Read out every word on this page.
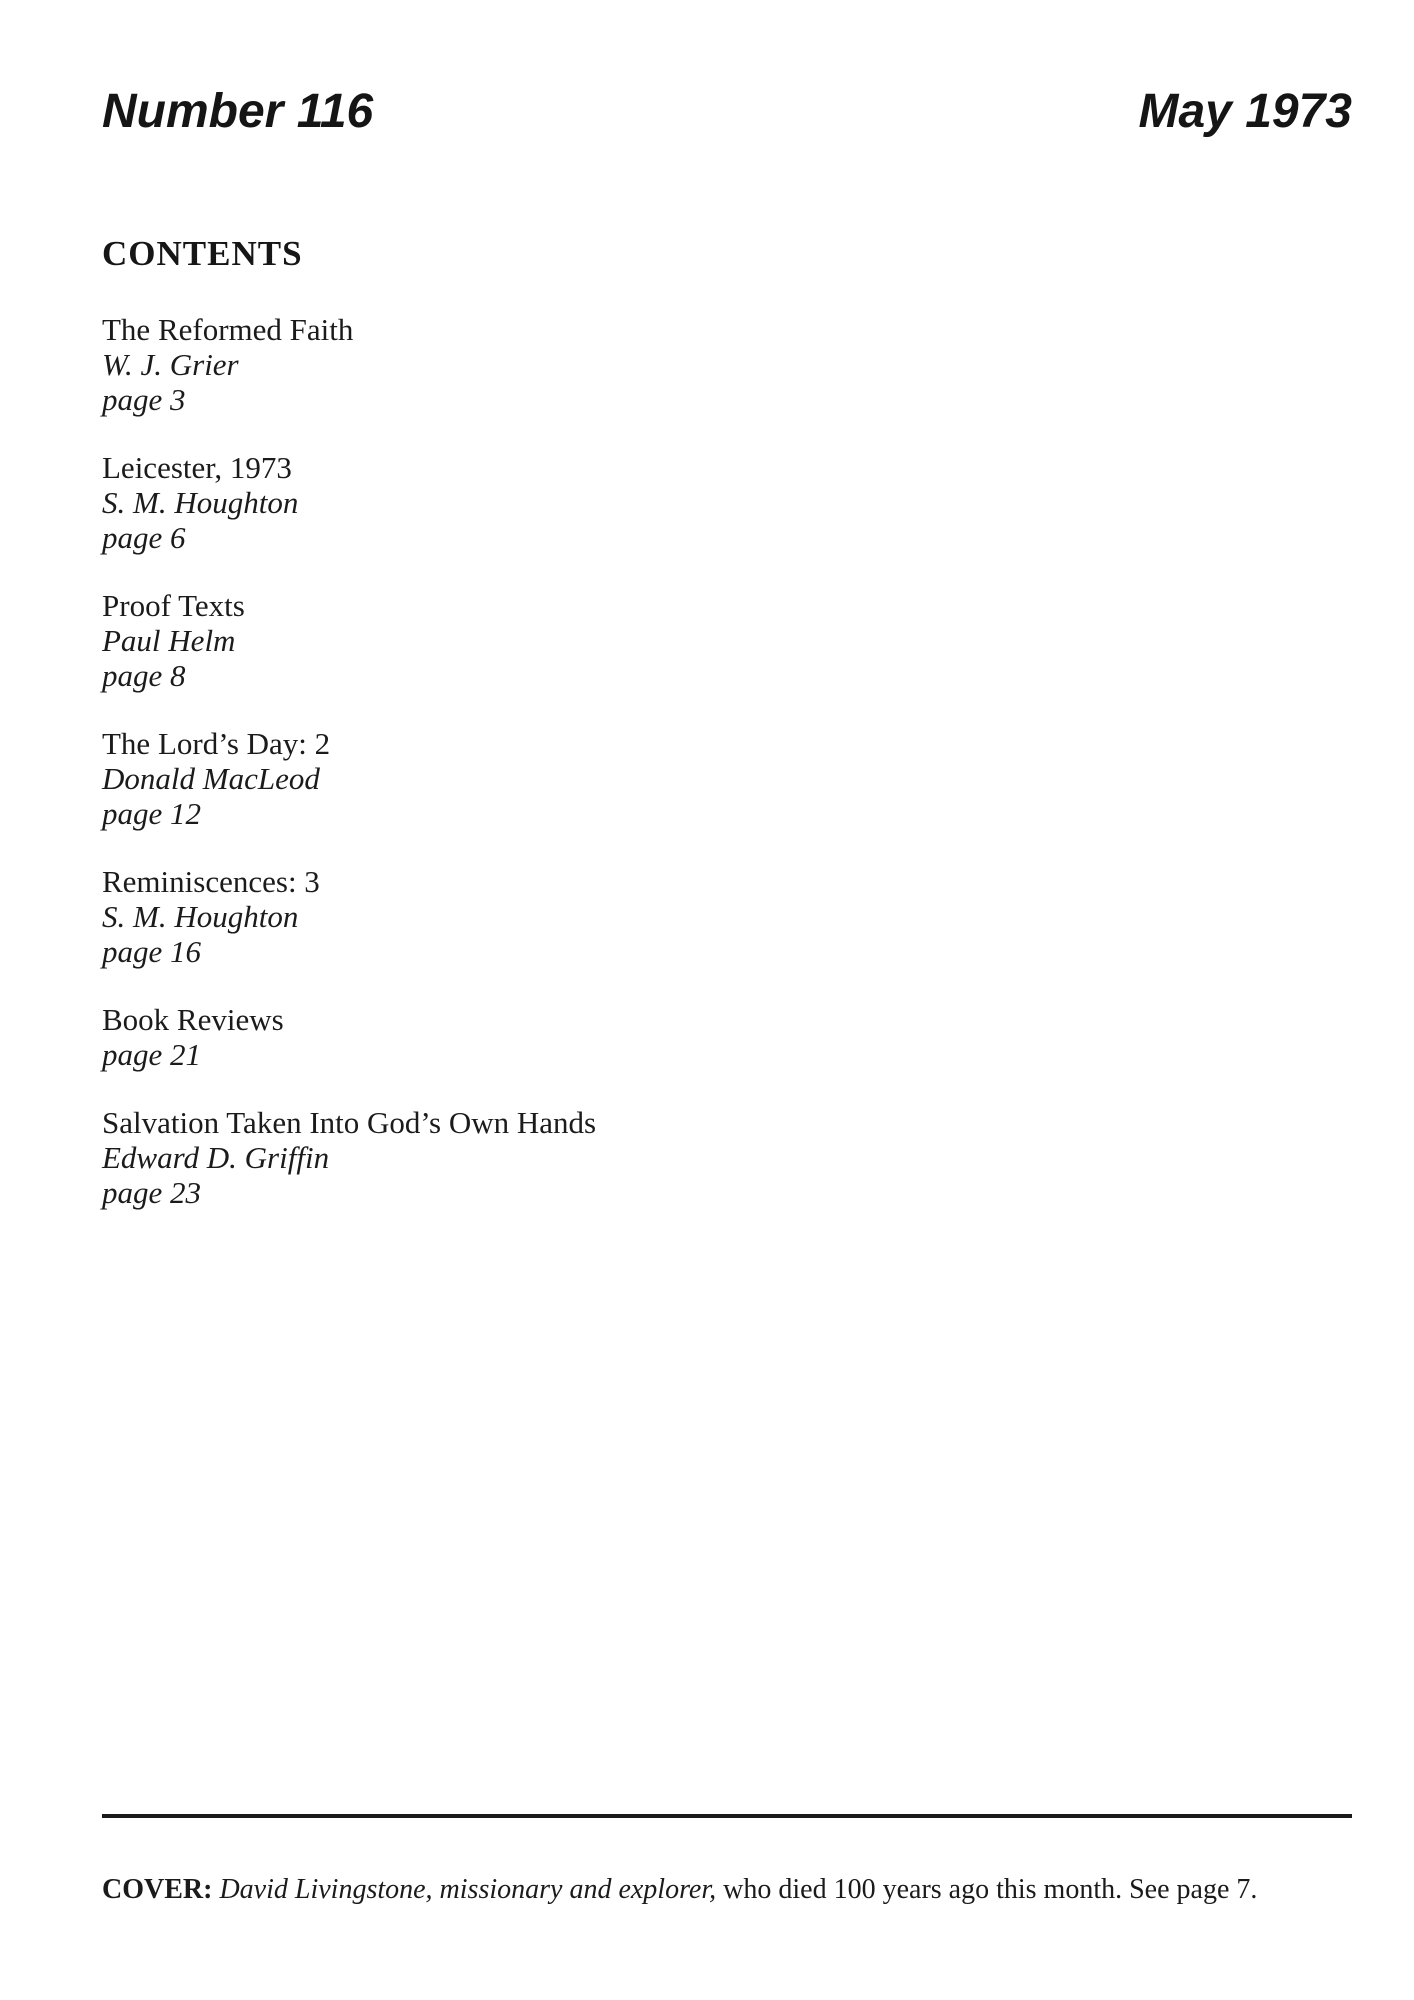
Number 116	May 1973
CONTENTS
The Reformed Faith
W. J. Grier
page 3
Leicester, 1973
S. M. Houghton
page 6
Proof Texts
Paul Helm
page 8
The Lord’s Day: 2
Donald MacLeod
page 12
Reminiscences: 3
S. M. Houghton
page 16
Book Reviews
page 21
Salvation Taken Into God’s Own Hands
Edward D. Griffin
page 23

COVER: David Livingstone, missionary and explorer, who died 100 years ago this month. See page 7.
